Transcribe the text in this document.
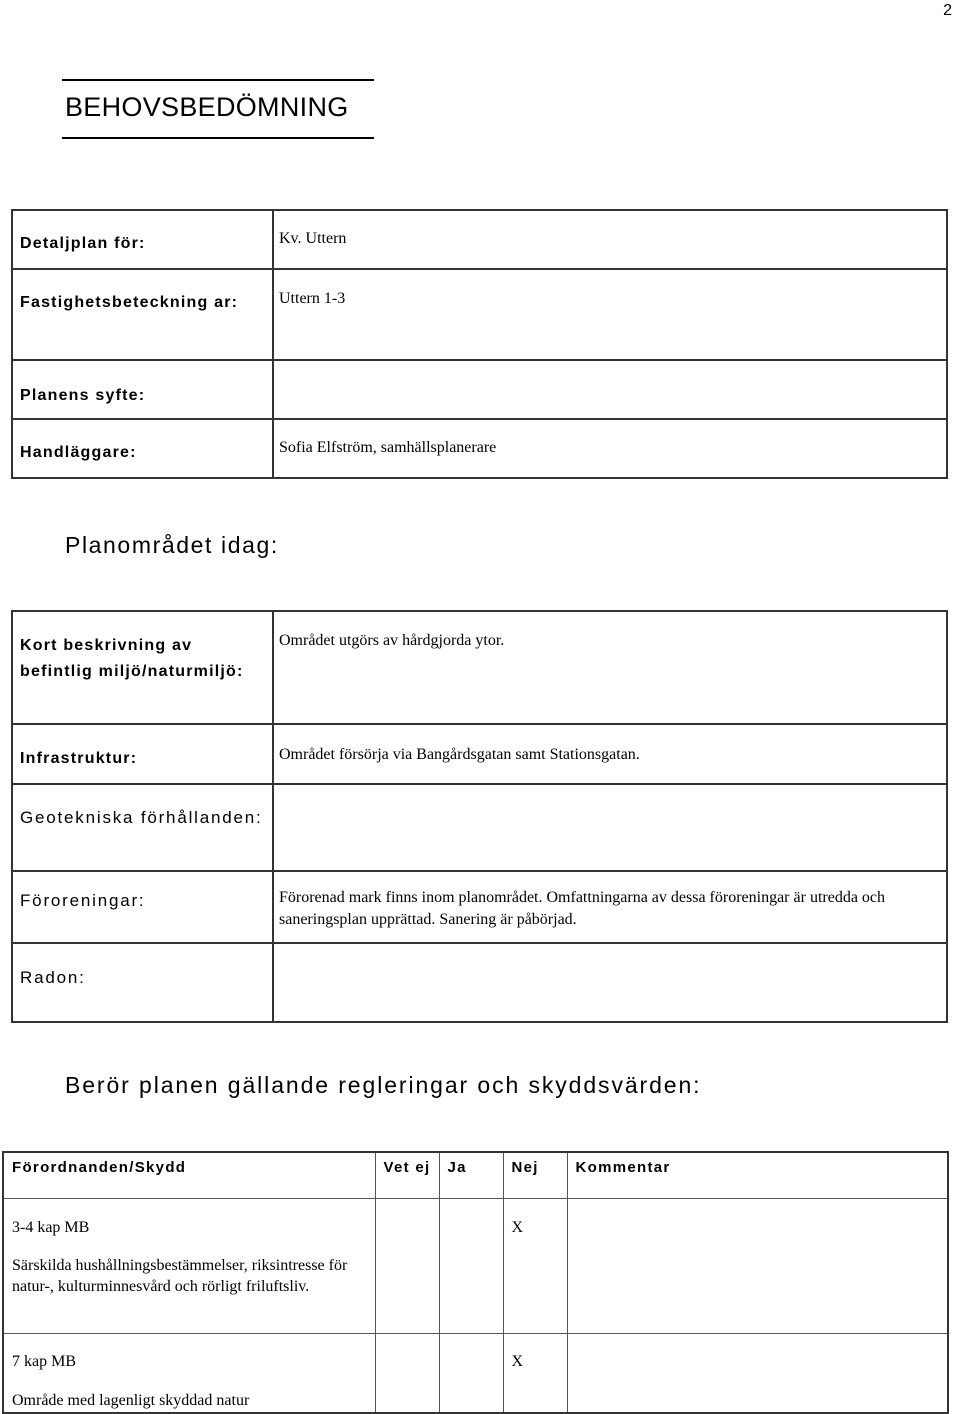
2
BEHOVSBEDÖMNING
Detaljplan för:	Kv. Uttern
Fastighetsbeteckning ar:	Uttern 1-3
Planens syfte:	
Handläggare:	Sofia Elfström, samhällsplanerare
Planområdet idag:
Kort beskrivning av befintlig miljö/naturmiljö:	Området utgörs av hårdgjorda ytor.
Infrastruktur:	Området försörja via Bangårdsgatan samt Stationsgatan.
Geotekniska förhållanden:	
Föroreningar:	Förorenad mark finns inom planområdet. Omfattningarna av dessa föroreningar är utredda och saneringsplan upprättad. Sanering är påbörjad.
Radon:	
Berör planen gällande regleringar och skyddsvärden:
Förordnanden/Skydd	Vet ej	Ja	Nej	Kommentar

3-4 kap MB
Särskilda hushållningsbestämmelser, riksintresse för natur-, kulturminnesvård och rörligt friluftsliv.			X	

7 kap MB
Område med lagenligt skyddad natur			X	
